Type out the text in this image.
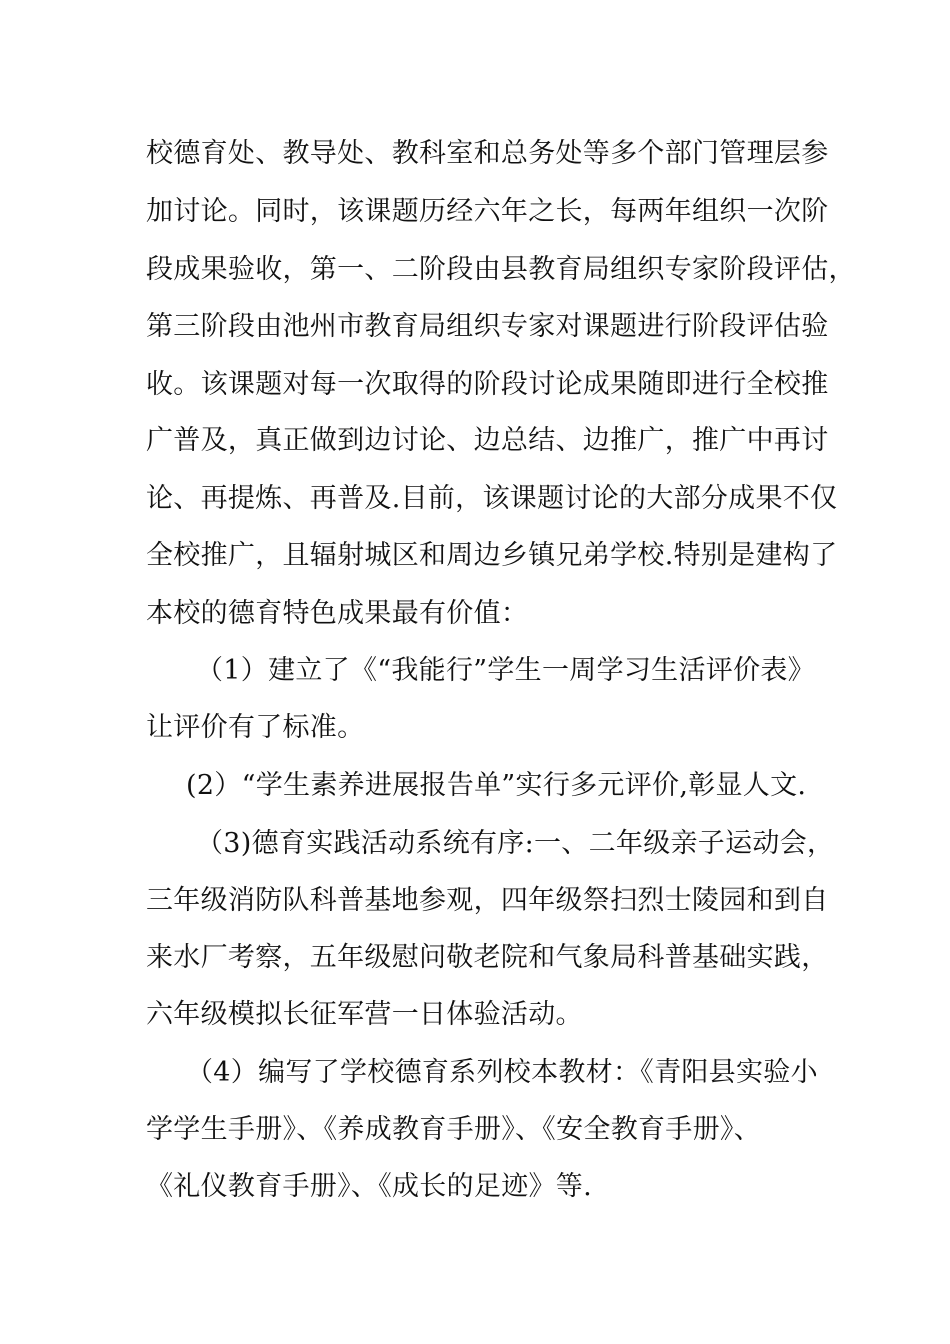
校德育处、教导处、教科室和总务处等多个部门管理层参
加讨论。同时，该课题历经六年之长，每两年组织一次阶
段成果验收，第一、二阶段由县教育局组织专家阶段评估，
第三阶段由池州市教育局组织专家对课题进行阶段评估验
收。该课题对每一次取得的阶段讨论成果随即进行全校推
广普及，真正做到边讨论、边总结、边推广，推广中再讨
论、再提炼、再普及.目前，该课题讨论的大部分成果不仅
全校推广，且辐射城区和周边乡镇兄弟学校.特别是建构了
本校的德育特色成果最有价值：
（1）建立了《“我能行”学生一周学习生活评价表》
让评价有了标准。
(2）“学生素养进展报告单”实行多元评价,彰显人文.
（3)德育实践活动系统有序:一、二年级亲子运动会，
三年级消防队科普基地参观，四年级祭扫烈士陵园和到自
来水厂考察，五年级慰问敬老院和气象局科普基础实践，
六年级模拟长征军营一日体验活动。
（4）编写了学校德育系列校本教材：《青阳县实验小
学学生手册》、《养成教育手册》、《安全教育手册》、
《礼仪教育手册》、《成长的足迹》等.
